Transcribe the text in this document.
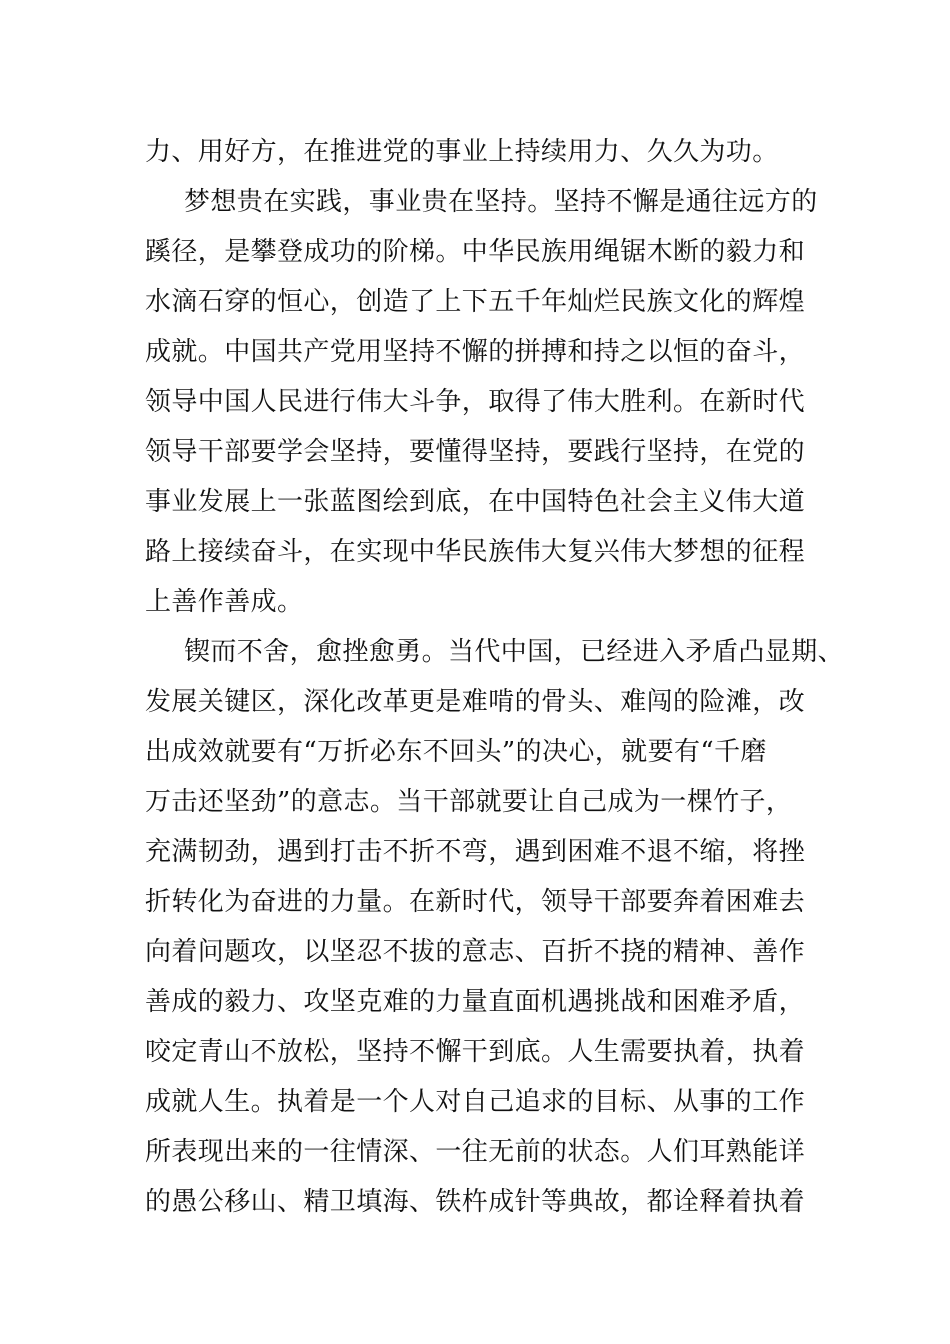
力、用好方，在推进党的事业上持续用力、久久为功。
梦想贵在实践，事业贵在坚持。坚持不懈是通往远方的
蹊径，是攀登成功的阶梯。中华民族用绳锯木断的毅力和
水滴石穿的恒心，创造了上下五千年灿烂民族文化的辉煌
成就。中国共产党用坚持不懈的拼搏和持之以恒的奋斗，
领导中国人民进行伟大斗争，取得了伟大胜利。在新时代
领导干部要学会坚持，要懂得坚持，要践行坚持，在党的
事业发展上一张蓝图绘到底，在中国特色社会主义伟大道
路上接续奋斗，在实现中华民族伟大复兴伟大梦想的征程
上善作善成。
锲而不舍，愈挫愈勇。当代中国，已经进入矛盾凸显期、
发展关键区，深化改革更是难啃的骨头、难闯的险滩，改
出成效就要有“万折必东不回头”的决心，就要有“千磨
万击还坚劲”的意志。当干部就要让自己成为一棵竹子，
充满韧劲，遇到打击不折不弯，遇到困难不退不缩，将挫
折转化为奋进的力量。在新时代，领导干部要奔着困难去
向着问题攻，以坚忍不拔的意志、百折不挠的精神、善作
善成的毅力、攻坚克难的力量直面机遇挑战和困难矛盾，
咬定青山不放松，坚持不懈干到底。人生需要执着，执着
成就人生。执着是一个人对自己追求的目标、从事的工作
所表现出来的一往情深、一往无前的状态。人们耳熟能详
的愚公移山、精卫填海、铁杵成针等典故，都诠释着执着
